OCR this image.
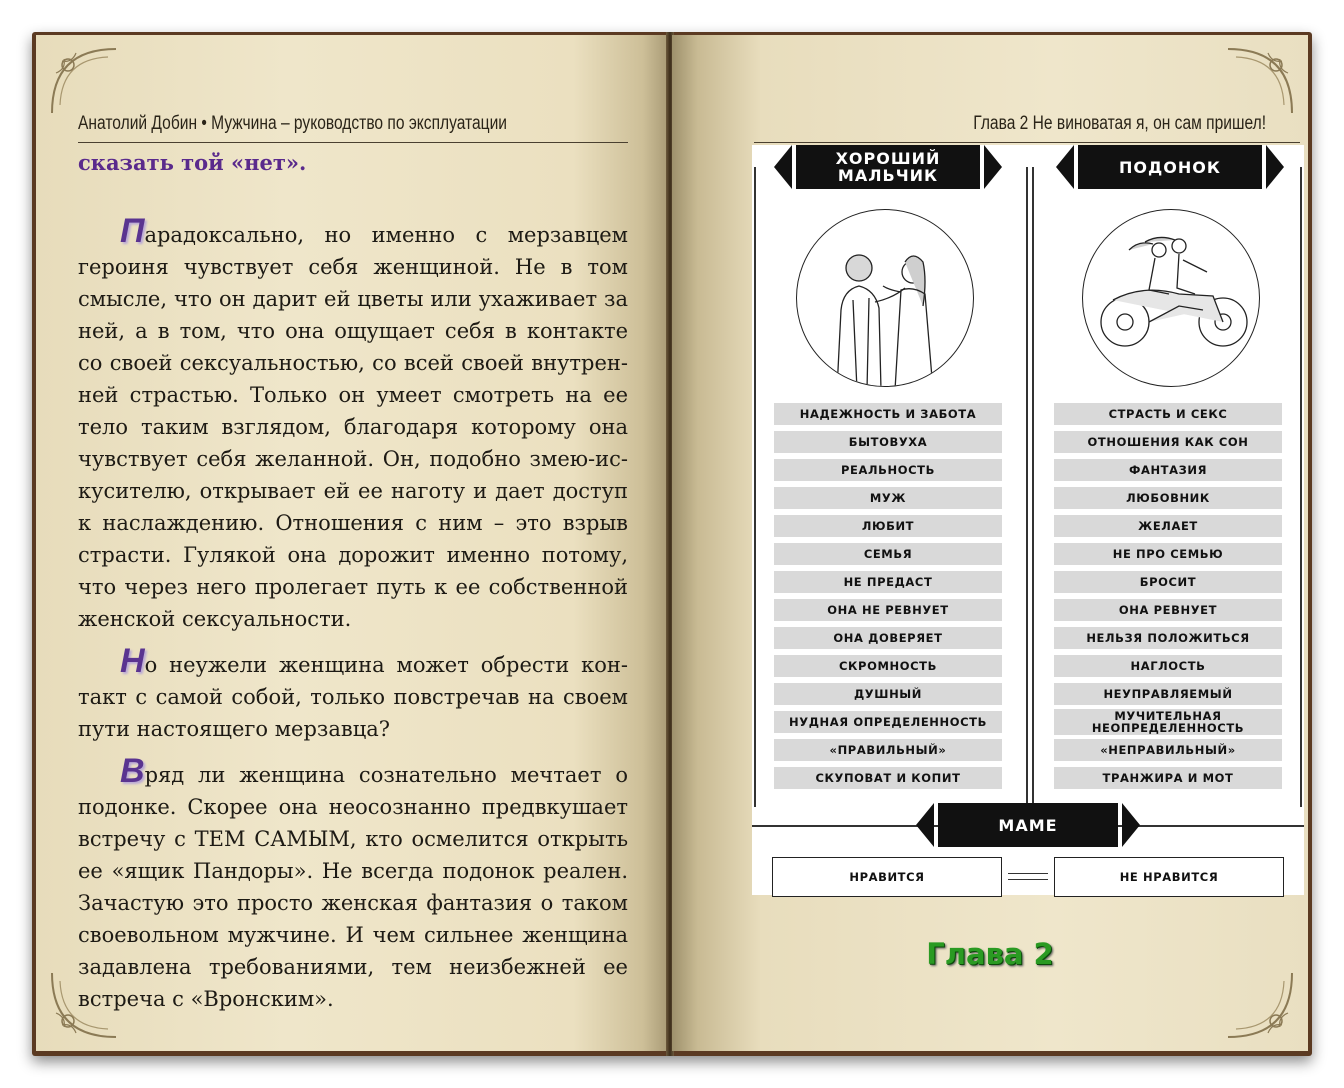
Анатолий Добин • Мужчина – руководство по эксплуатации
сказать той «нет».

Парадоксально, но именно с мерзавцем героиня чувствует себя женщиной. Не в том смысле, что он дарит ей цветы или ухаживает за ней, а в том, что она ощущает себя в контакте со своей сексуальностью, со всей своей внутрен-ней страстью. Только он умеет смотреть на ее тело таким взглядом, благодаря которому она чувствует себя желанной. Он, подобно змею-ис-кусителю, открывает ей ее наготу и дает доступ к наслаждению. Отношения с ним – это взрыв страсти. Гулякой она дорожит именно потому, что через него пролегает путь к ее собственной женской сексуальности.

Но неужели женщина может обрести кон-такт с самой собой, только повстречав на своем пути настоящего мерзавца?

Вряд ли женщина сознательно мечтает о подонке. Скорее она неосознанно предвкушает встречу с ТЕМ САМЫМ, кто осмелится открыть ее «ящик Пандоры». Не всегда подонок реален. Зачастую это просто женская фантазия о таком своевольном мужчине. И чем сильнее женщина задавлена требованиями, тем неизбежней ее встреча с «Вронским».

Глава 2 Не виноватая я, он сам пришел!
ХОРОШИЙ
МАЛЬЧИК	ПОДОНОК
НАДЕЖНОСТЬ И ЗАБОТА
БЫТОВУХА
РЕАЛЬНОСТЬ
МУЖ
ЛЮБИТ
СЕМЬЯ
НЕ ПРЕДАСТ
ОНА НЕ РЕВНУЕТ
ОНА ДОВЕРЯЕТ
СКРОМНОСТЬ
ДУШНЫЙ
НУДНАЯ ОПРЕДЕЛЕННОСТЬ
«ПРАВИЛЬНЫЙ»
СКУПОВАТ И КОПИТ
СТРАСТЬ И СЕКС
ОТНОШЕНИЯ КАК СОН
ФАНТАЗИЯ
ЛЮБОВНИК
ЖЕЛАЕТ
НЕ ПРО СЕМЬЮ
БРОСИТ
ОНА РЕВНУЕТ
НЕЛЬЗЯ ПОЛОЖИТЬСЯ
НАГЛОСТЬ
НЕУПРАВЛЯЕМЫЙ
МУЧИТЕЛЬНАЯ НЕОПРЕДЕЛЕННОСТЬ
«НЕПРАВИЛЬНЫЙ»
ТРАНЖИРА И МОТ
МАМЕ
НРАВИТСЯ	НЕ НРАВИТСЯ
Глава 2
